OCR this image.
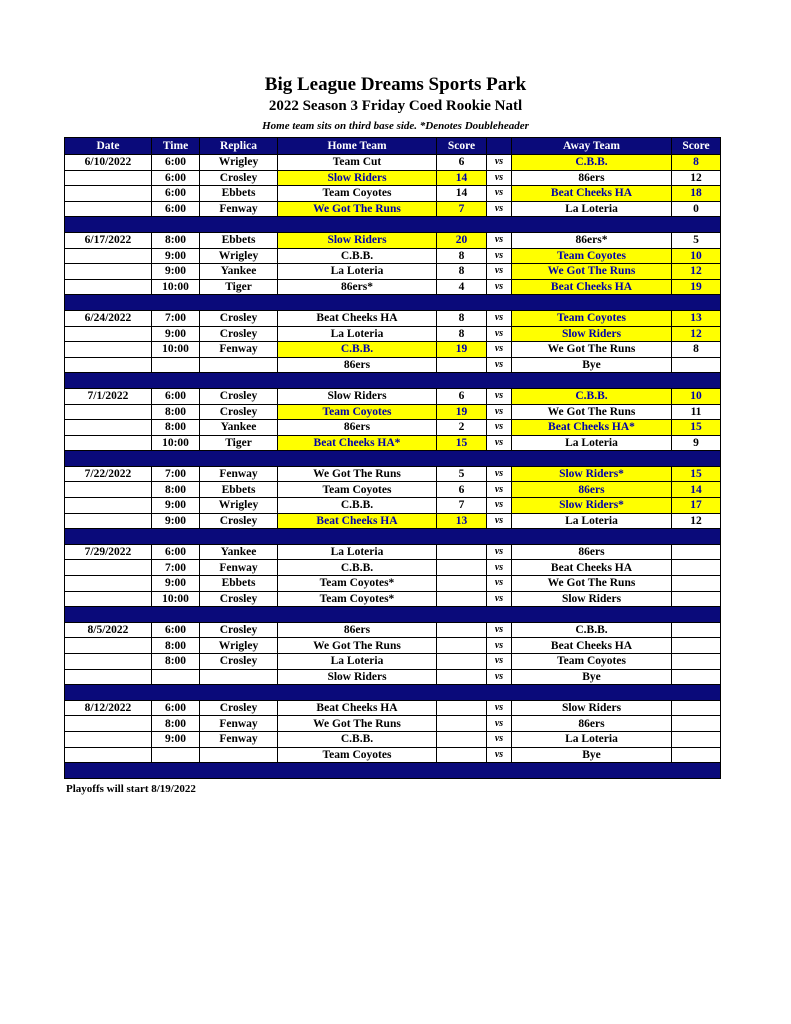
Big League Dreams Sports Park
2022 Season 3 Friday Coed Rookie Natl
Home team sits on third base side. *Denotes Doubleheader
Date	Time	Replica	Home Team	Score		Away Team	Score
6/10/2022	6:00	Wrigley	Team Cut	6	vs	C.B.B.	8
	6:00	Crosley	Slow Riders	14	vs	86ers	12
	6:00	Ebbets	Team Coyotes	14	vs	Beat Cheeks HA	18
	6:00	Fenway	We Got The Runs	7	vs	La Loteria	0

6/17/2022	8:00	Ebbets	Slow Riders	20	vs	86ers*	5
	9:00	Wrigley	C.B.B.	8	vs	Team Coyotes	10
	9:00	Yankee	La Loteria	8	vs	We Got The Runs	12
	10:00	Tiger	86ers*	4	vs	Beat Cheeks HA	19

6/24/2022	7:00	Crosley	Beat Cheeks HA	8	vs	Team Coyotes	13
	9:00	Crosley	La Loteria	8	vs	Slow Riders	12
	10:00	Fenway	C.B.B.	19	vs	We Got The Runs	8
			86ers		vs	Bye	

7/1/2022	6:00	Crosley	Slow Riders	6	vs	C.B.B.	10
	8:00	Crosley	Team Coyotes	19	vs	We Got The Runs	11
	8:00	Yankee	86ers	2	vs	Beat Cheeks HA*	15
	10:00	Tiger	Beat Cheeks HA*	15	vs	La Loteria	9

7/22/2022	7:00	Fenway	We Got The Runs	5	vs	Slow Riders*	15
	8:00	Ebbets	Team Coyotes	6	vs	86ers	14
	9:00	Wrigley	C.B.B.	7	vs	Slow Riders*	17
	9:00	Crosley	Beat Cheeks HA	13	vs	La Loteria	12

7/29/2022	6:00	Yankee	La Loteria		vs	86ers	
	7:00	Fenway	C.B.B.		vs	Beat Cheeks HA	
	9:00	Ebbets	Team Coyotes*		vs	We Got The Runs	
	10:00	Crosley	Team Coyotes*		vs	Slow Riders	

8/5/2022	6:00	Crosley	86ers		vs	C.B.B.	
	8:00	Wrigley	We Got The Runs		vs	Beat Cheeks HA	
	8:00	Crosley	La Loteria		vs	Team Coyotes	
			Slow Riders		vs	Bye	

8/12/2022	6:00	Crosley	Beat Cheeks HA		vs	Slow Riders	
	8:00	Fenway	We Got The Runs		vs	86ers	
	9:00	Fenway	C.B.B.		vs	La Loteria	
			Team Coyotes		vs	Bye	

Playoffs will start 8/19/2022
